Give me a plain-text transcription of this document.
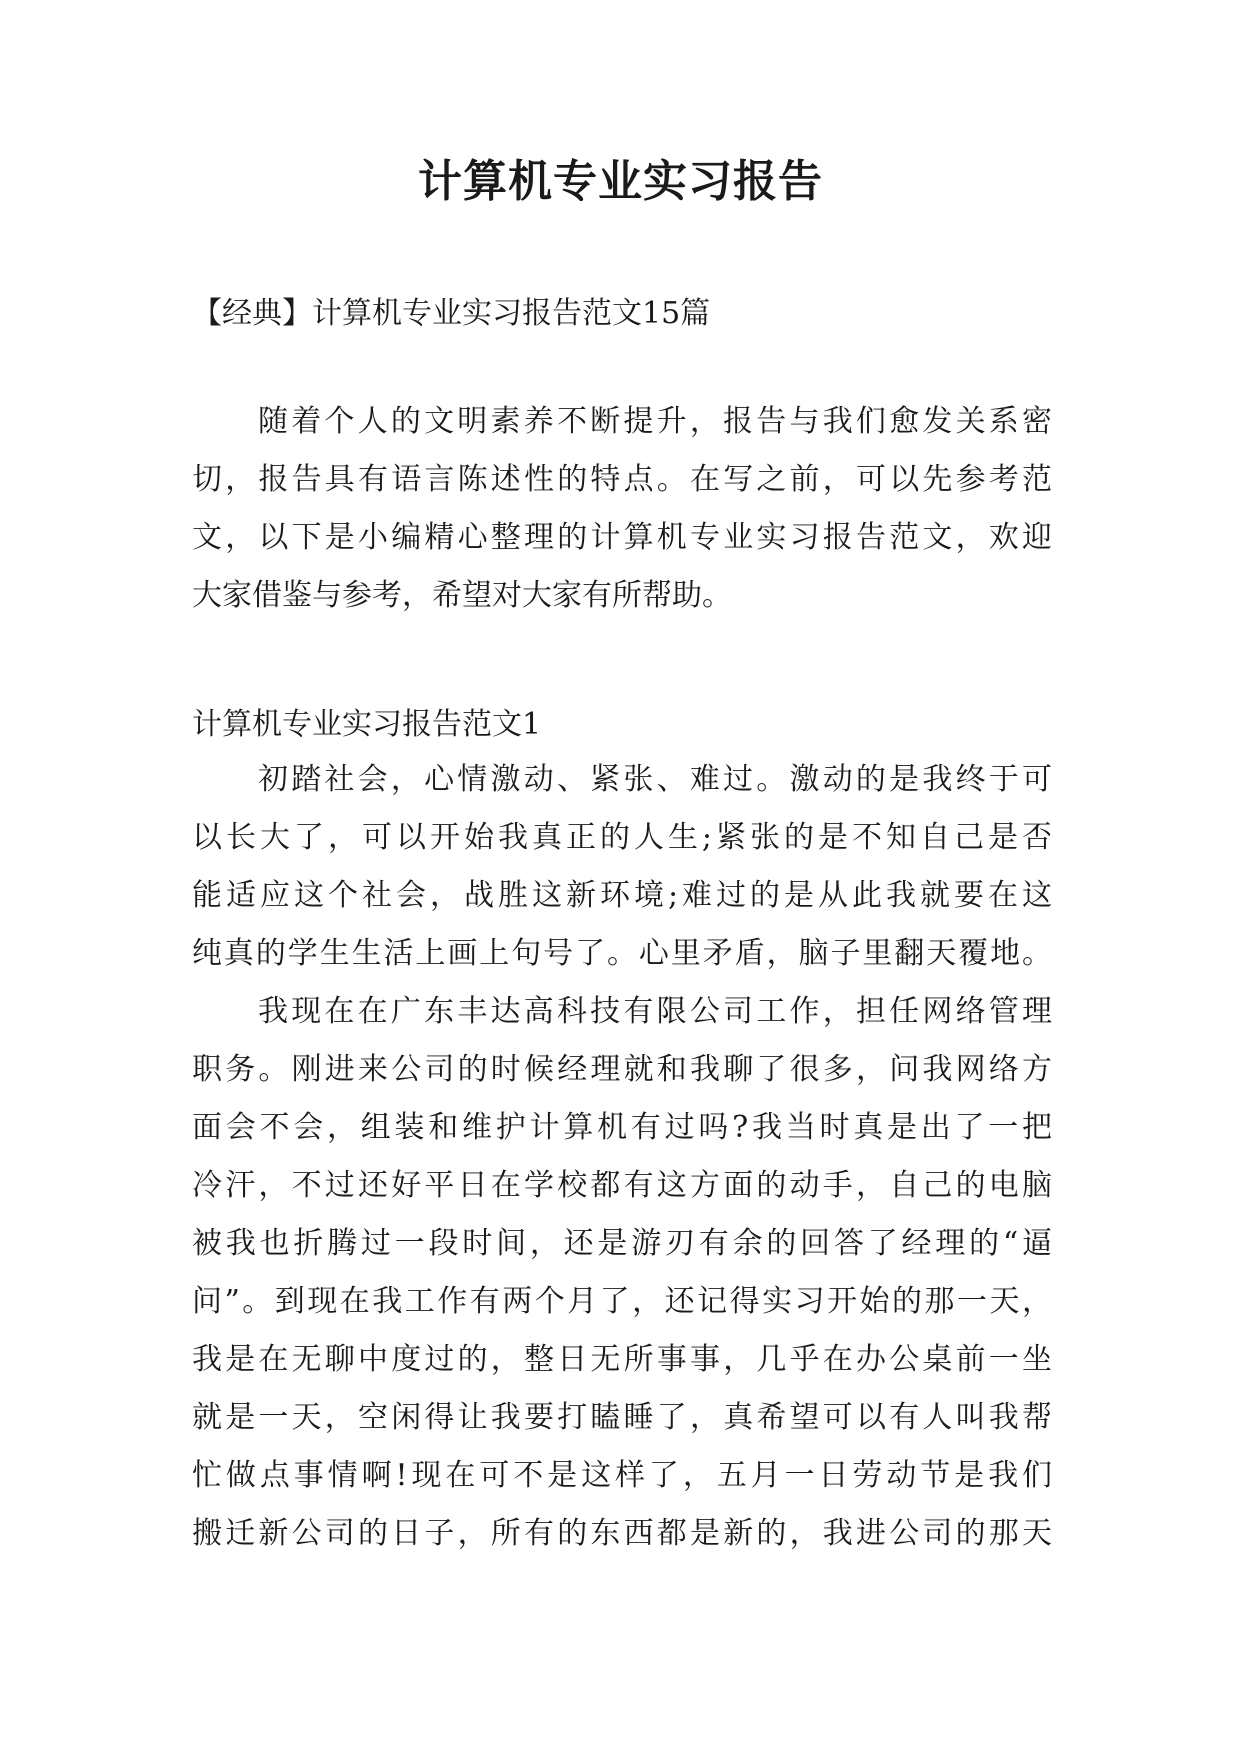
计算机专业实习报告

【经典】计算机专业实习报告范文15篇

随着个人的文明素养不断提升，报告与我们愈发关系密

切，报告具有语言陈述性的特点。在写之前，可以先参考范

文，以下是小编精心整理的计算机专业实习报告范文，欢迎

大家借鉴与参考，希望对大家有所帮助。

计算机专业实习报告范文1

初踏社会，心情激动、紧张、难过。激动的是我终于可

以长大了，可以开始我真正的人生;紧张的是不知自己是否

能适应这个社会，战胜这新环境;难过的是从此我就要在这

纯真的学生生活上画上句号了。心里矛盾，脑子里翻天覆地。

我现在在广东丰达高科技有限公司工作，担任网络管理

职务。刚进来公司的时候经理就和我聊了很多，问我网络方

面会不会，组装和维护计算机有过吗?我当时真是出了一把

冷汗，不过还好平日在学校都有这方面的动手，自己的电脑

被我也折腾过一段时间，还是游刃有余的回答了经理的“逼

问”。到现在我工作有两个月了，还记得实习开始的那一天，

我是在无聊中度过的，整日无所事事，几乎在办公桌前一坐

就是一天，空闲得让我要打瞌睡了，真希望可以有人叫我帮

忙做点事情啊!现在可不是这样了，五月一日劳动节是我们

搬迁新公司的日子，所有的东西都是新的，我进公司的那天
